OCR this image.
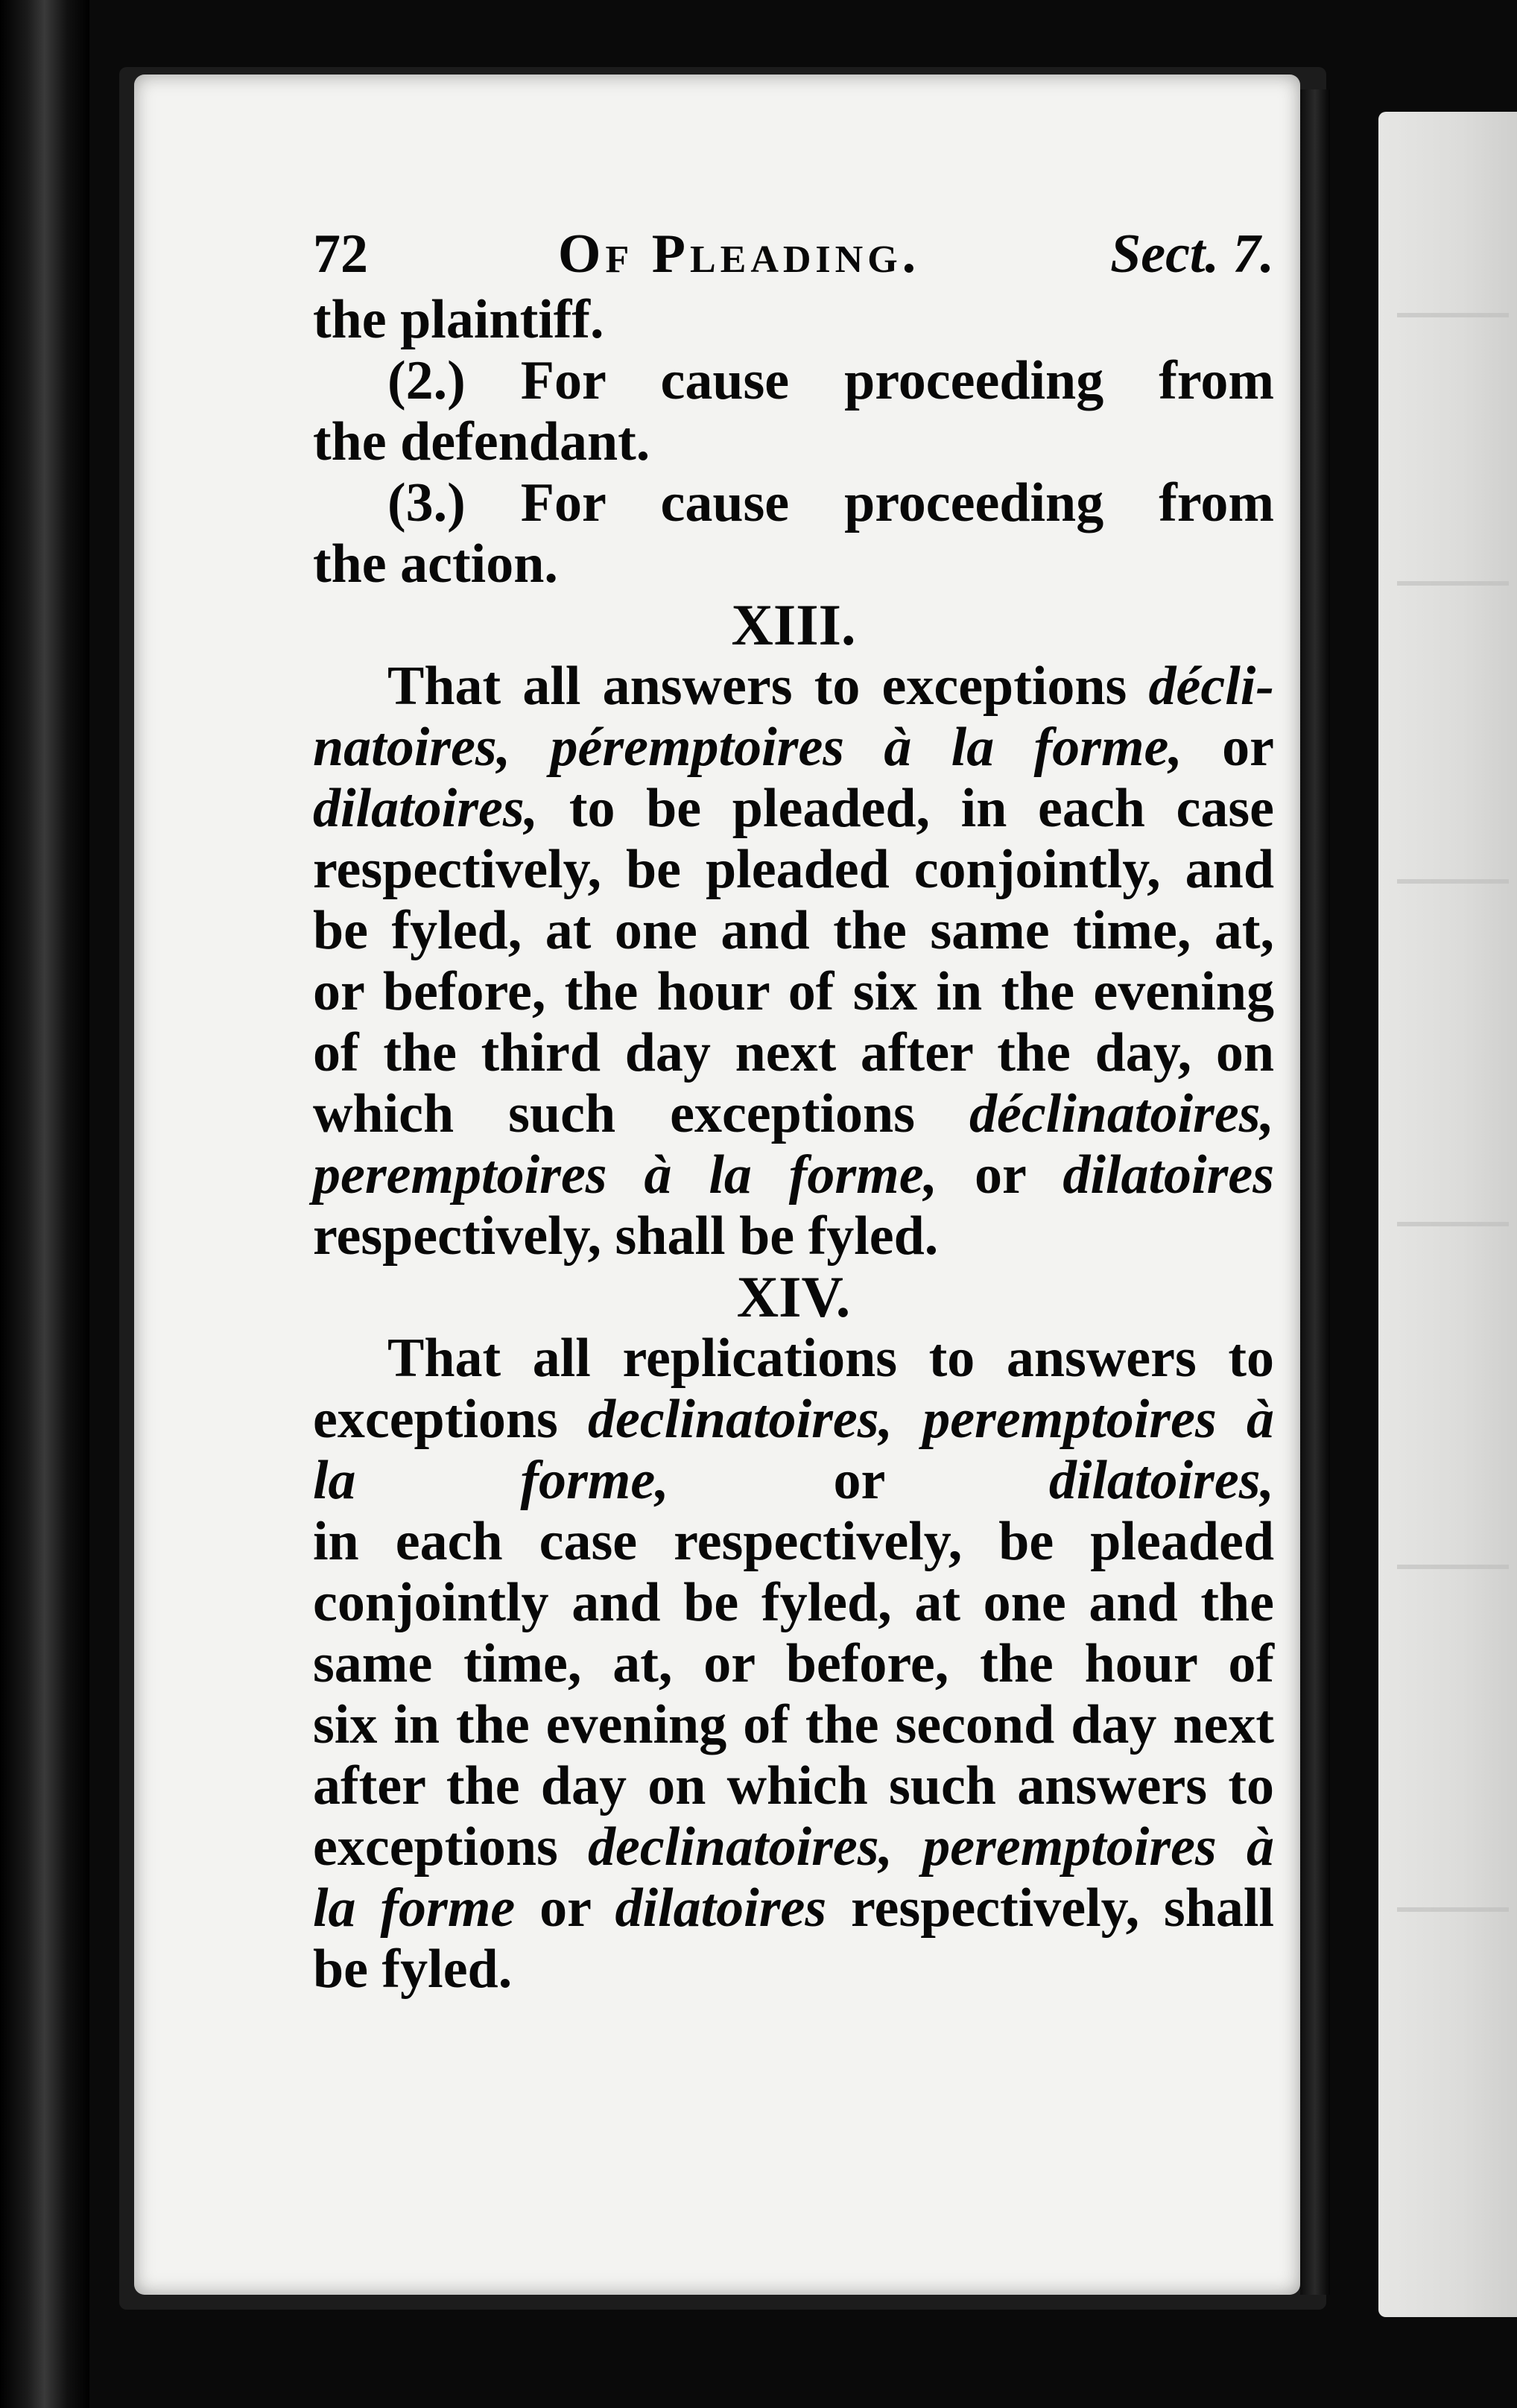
72	Of Pleading.	Sect. 7.
the plaintiff.
(2.) For cause proceeding from
the defendant.
(3.) For cause proceeding from
the action.
XIII.
That all answers to exceptions décli-
natoires, péremptoires à la forme, or
dilatoires, to be pleaded, in each case
respectively, be pleaded conjointly, and
be fyled, at one and the same time, at,
or before, the hour of six in the evening
of the third day next after the day, on
which such exceptions déclinatoires,
peremptoires à la forme, or dilatoires
respectively, shall be fyled.
XIV.
That all replications to answers to
exceptions declinatoires, peremptoires à
la forme, or dilatoires,
in each case respectively, be pleaded
conjointly and be fyled, at one and the
same time, at, or before, the hour of
six in the evening of the second day next
after the day on which such answers to
exceptions declinatoires, peremptoires à
la forme or dilatoires respectively, shall
be fyled.
